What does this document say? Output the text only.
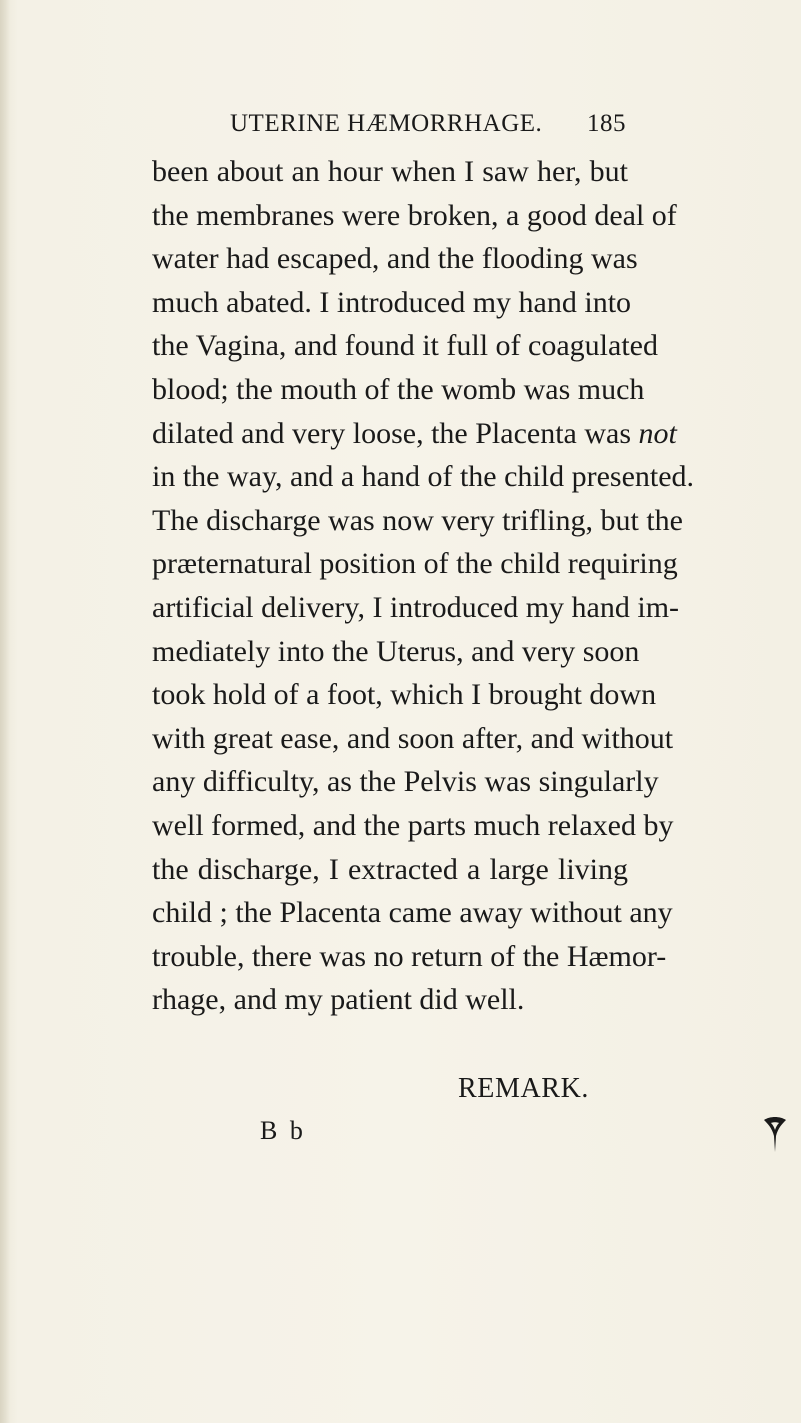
UTERINE HÆMORRHAGE. 185
been about an hour when I saw her, but
the membranes were broken, a good deal of
water had escaped, and the flooding was
much abated. I introduced my hand into
the Vagina, and found it full of coagulated
blood; the mouth of the womb was much
dilated and very loose, the Placenta was not
in the way, and a hand of the child presented.
The discharge was now very trifling, but the
præternatural position of the child requiring
artificial delivery, I introduced my hand im-
mediately into the Uterus, and very soon
took hold of a foot, which I brought down
with great ease, and soon after, and without
any difficulty, as the Pelvis was singularly
well formed, and the parts much relaxed by
the discharge, I extracted a large living
child ; the Placenta came away without any
trouble, there was no return of the Hæmor-
rhage, and my patient did well.
REMARK.
B b
